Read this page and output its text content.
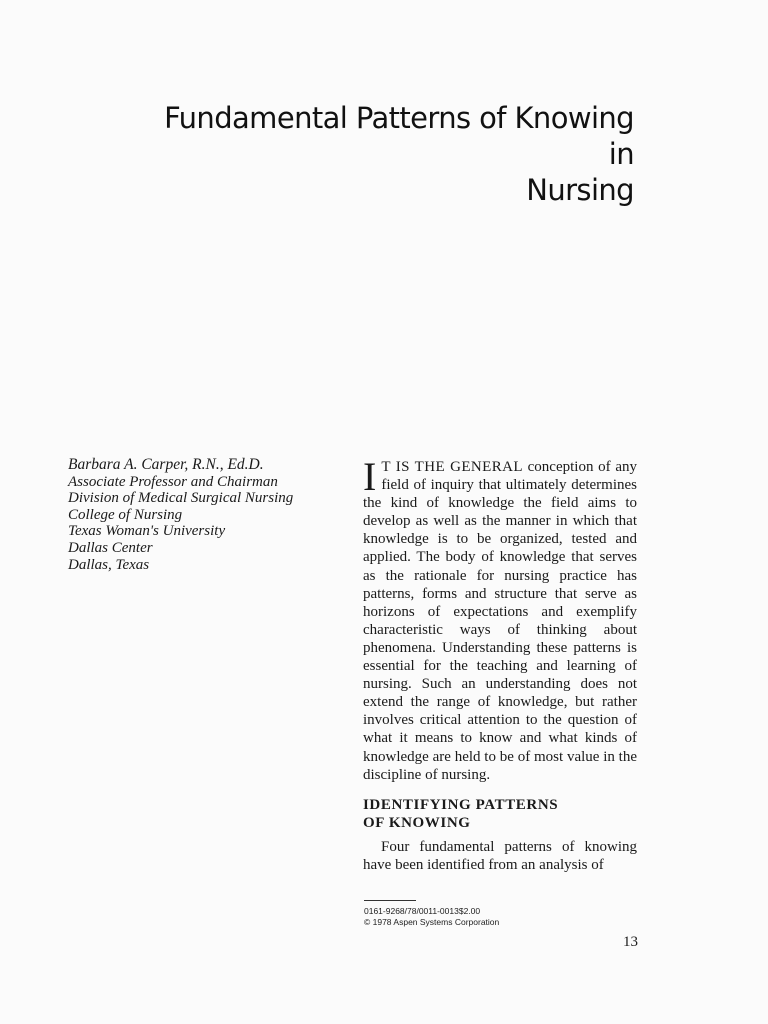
Fundamental Patterns of Knowing in
Nursing
Barbara A. Carper, R.N., Ed.D.
Associate Professor and Chairman
Division of Medical Surgical Nursing
College of Nursing
Texas Woman's University
Dallas Center
Dallas, Texas

I T IS THE GENERAL conception of any field of inquiry that ultimately determines the kind of knowledge the field aims to develop as well as the manner in which that knowledge is to be organized, tested and applied. The body of knowledge that serves as the rationale for nursing practice has patterns, forms and structure that serve as horizons of expectations and exemplify characteristic ways of thinking about phenomena. Understanding these patterns is essential for the teaching and learning of nursing. Such an understanding does not extend the range of knowledge, but rather involves critical attention to the question of what it means to know and what kinds of knowledge are held to be of most value in the discipline of nursing.

IDENTIFYING PATTERNS
OF KNOWING

Four fundamental patterns of knowing have been identified from an analysis of

0161-9268/78/0011-0013$2.00
© 1978 Aspen Systems Corporation
13
